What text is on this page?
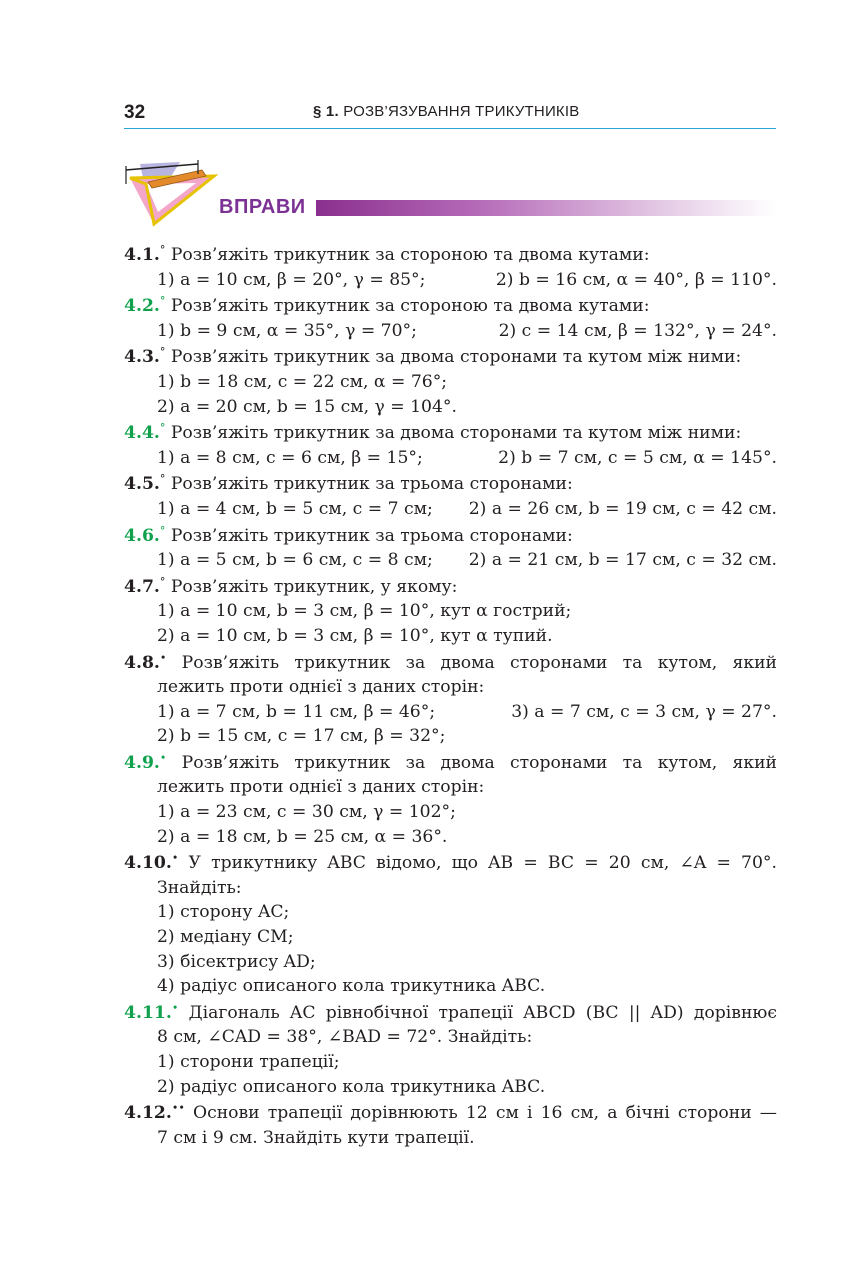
32	§ 1. РОЗВ’ЯЗУВАННЯ ТРИКУТНИКІВ
ВПРАВИ
4.1.° Розв’яжіть трикутник за стороною та двома кутами:
1) a = 10 см, β = 20°, γ = 85°;	2) b = 16 см, α = 40°, β = 110°.
4.2.° Розв’яжіть трикутник за стороною та двома кутами:
1) b = 9 см, α = 35°, γ = 70°;	2) c = 14 см, β = 132°, γ = 24°.
4.3.° Розв’яжіть трикутник за двома сторонами та кутом між ними:
1) b = 18 см, c = 22 см, α = 76°;
2) a = 20 см, b = 15 см, γ = 104°.
4.4.° Розв’яжіть трикутник за двома сторонами та кутом між ними:
1) a = 8 см, c = 6 см, β = 15°;	2) b = 7 см, c = 5 см, α = 145°.
4.5.° Розв’яжіть трикутник за трьома сторонами:
1) a = 4 см, b = 5 см, c = 7 см; 2) a = 26 см, b = 19 см, c = 42 см.
4.6.° Розв’яжіть трикутник за трьома сторонами:
1) a = 5 см, b = 6 см, c = 8 см; 2) a = 21 см, b = 17 см, c = 32 см.
4.7.° Розв’яжіть трикутник, у якому:
1) a = 10 см, b = 3 см, β = 10°, кут α гострий;
2) a = 10 см, b = 3 см, β = 10°, кут α тупий.
4.8.• Розв’яжіть трикутник за двома сторонами та кутом, який
лежить проти однієї з даних сторін:
1) a = 7 см, b = 11 см, β = 46°;	3) a = 7 см, c = 3 см, γ = 27°.
2) b = 15 см, c = 17 см, β = 32°;
4.9.• Розв’яжіть трикутник за двома сторонами та кутом, який
лежить проти однієї з даних сторін:
1) a = 23 см, c = 30 см, γ = 102°;
2) a = 18 см, b = 25 см, α = 36°.
4.10.• У трикутнику ABC відомо, що AB = BC = 20 см, ∠A = 70°.
Знайдіть:
1) сторону AC;
2) медіану CM;
3) бісектрису AD;
4) радіус описаного кола трикутника ABC.
4.11.• Діагональ AC рівнобічної трапеції ABCD (BC || AD) дорівнює
8 см, ∠CAD = 38°, ∠BAD = 72°. Знайдіть:
1) сторони трапеції;
2) радіус описаного кола трикутника ABC.
4.12.•• Основи трапеції дорівнюють 12 см і 16 см, а бічні сторони —
7 см і 9 см. Знайдіть кути трапеції.
